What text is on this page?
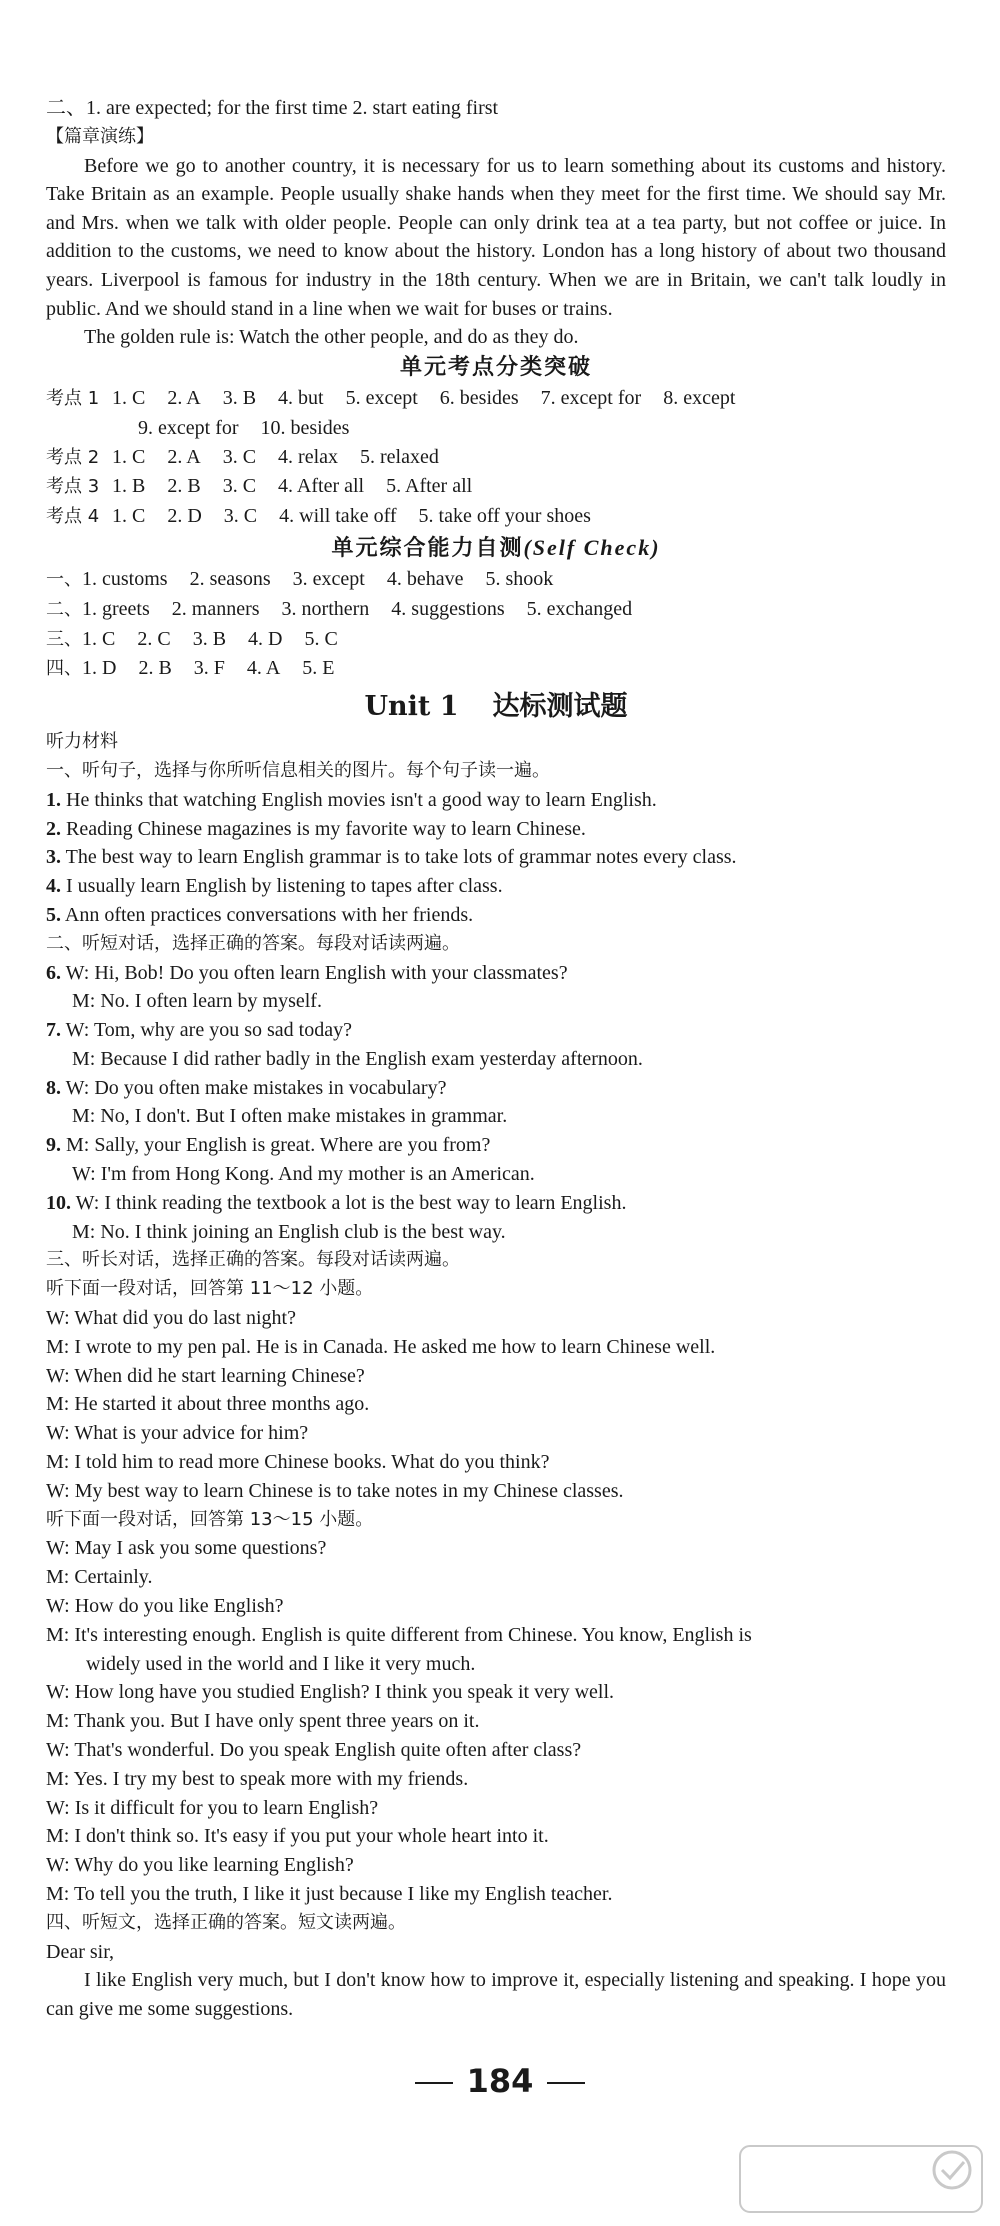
二、1. are expected; for the first time 2. start eating first
【篇章演练】
Before we go to another country, it is necessary for us to learn something about its customs and history. Take Britain as an example. People usually shake hands when they meet for the first time. We should say Mr. and Mrs. when we talk with older people. People can only drink tea at a tea party, but not coffee or juice. In addition to the customs, we need to know about the history. London has a long history of about two thousand years. Liverpool is famous for industry in the 18th century. When we are in Britain, we can't talk loudly in public. And we should stand in a line when we wait for buses or trains.
The golden rule is: Watch the other people, and do as they do.
单元考点分类突破
考点 1 1. C 2. A 3. B 4. but 5. except 6. besides 7. except for 8. except
9. except for 10. besides
考点 2 1. C 2. A 3. C 4. relax 5. relaxed
考点 3 1. B 2. B 3. C 4. After all 5. After all
考点 4 1. C 2. D 3. C 4. will take off 5. take off your shoes
单元综合能力自测(Self Check)
一、1. customs 2. seasons 3. except 4. behave 5. shook
二、1. greets 2. manners 3. northern 4. suggestions 5. exchanged
三、1. C 2. C 3. B 4. D 5. C
四、1. D 2. B 3. F 4. A 5. E
Unit 1 达标测试题
听力材料
一、听句子，选择与你所听信息相关的图片。每个句子读一遍。
1. He thinks that watching English movies isn't a good way to learn English.
2. Reading Chinese magazines is my favorite way to learn Chinese.
3. The best way to learn English grammar is to take lots of grammar notes every class.
4. I usually learn English by listening to tapes after class.
5. Ann often practices conversations with her friends.
二、听短对话，选择正确的答案。每段对话读两遍。
6. W: Hi, Bob! Do you often learn English with your classmates?
M: No. I often learn by myself.
7. W: Tom, why are you so sad today?
M: Because I did rather badly in the English exam yesterday afternoon.
8. W: Do you often make mistakes in vocabulary?
M: No, I don't. But I often make mistakes in grammar.
9. M: Sally, your English is great. Where are you from?
W: I'm from Hong Kong. And my mother is an American.
10. W: I think reading the textbook a lot is the best way to learn English.
M: No. I think joining an English club is the best way.
三、听长对话，选择正确的答案。每段对话读两遍。
听下面一段对话，回答第 11～12 小题。
W: What did you do last night?
M: I wrote to my pen pal. He is in Canada. He asked me how to learn Chinese well.
W: When did he start learning Chinese?
M: He started it about three months ago.
W: What is your advice for him?
M: I told him to read more Chinese books. What do you think?
W: My best way to learn Chinese is to take notes in my Chinese classes.
听下面一段对话，回答第 13～15 小题。
W: May I ask you some questions?
M: Certainly.
W: How do you like English?
M: It's interesting enough. English is quite different from Chinese. You know, English is
widely used in the world and I like it very much.
W: How long have you studied English? I think you speak it very well.
M: Thank you. But I have only spent three years on it.
W: That's wonderful. Do you speak English quite often after class?
M: Yes. I try my best to speak more with my friends.
W: Is it difficult for you to learn English?
M: I don't think so. It's easy if you put your whole heart into it.
W: Why do you like learning English?
M: To tell you the truth, I like it just because I like my English teacher.
四、听短文，选择正确的答案。短文读两遍。
Dear sir,
I like English very much, but I don't know how to improve it, especially listening and speaking. I hope you can give me some suggestions.
184
